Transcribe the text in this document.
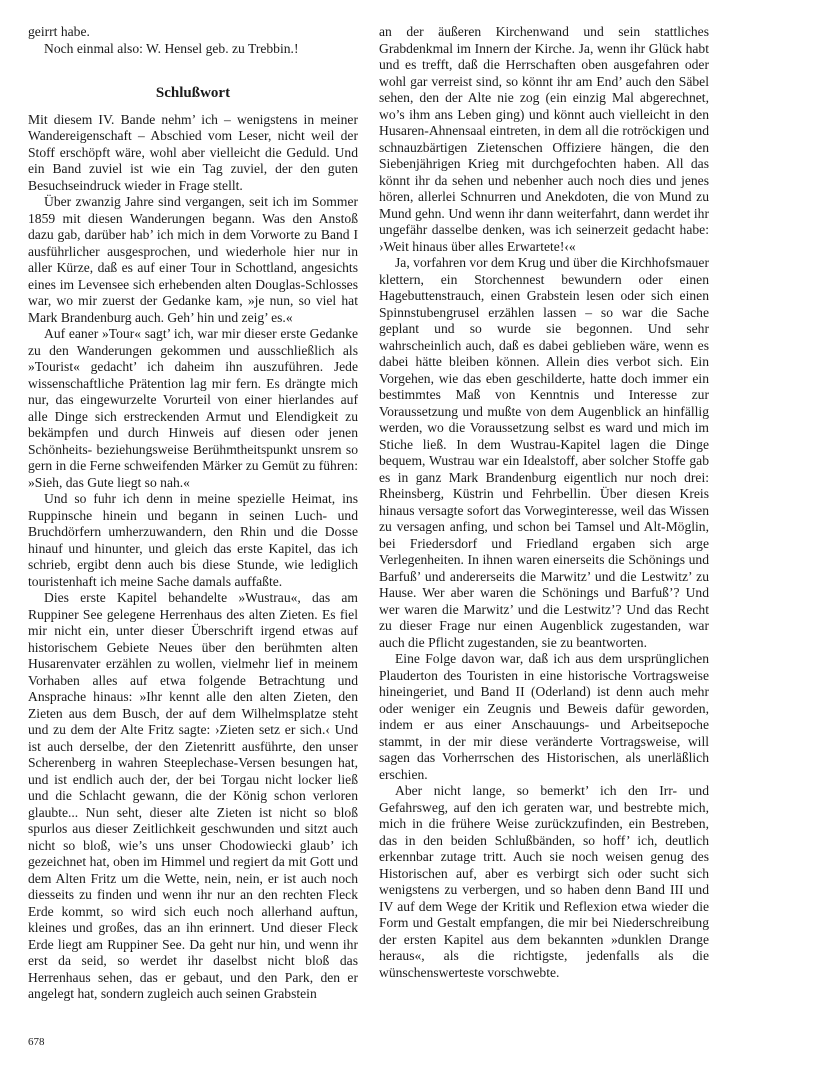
geirrt habe.

Noch einmal also: W. Hensel geb. zu Trebbin.!

Schlußwort

Mit diesem IV. Bande nehm’ ich – wenigstens in meiner Wandereigenschaft – Abschied vom Leser, nicht weil der Stoff erschöpft wäre, wohl aber vielleicht die Geduld. Und ein Band zuviel ist wie ein Tag zuviel, der den guten Besuchseindruck wieder in Frage stellt.

Über zwanzig Jahre sind vergangen, seit ich im Sommer 1859 mit diesen Wanderungen begann. Was den Anstoß dazu gab, darüber hab’ ich mich in dem Vorworte zu Band I ausführlicher ausgesprochen, und wiederhole hier nur in aller Kürze, daß es auf einer Tour in Schottland, angesichts eines im Levensee sich erhebenden alten Douglas-Schlosses war, wo mir zuerst der Gedanke kam, »je nun, so viel hat Mark Brandenburg auch. Geh’ hin und zeig’ es.«

Auf eaner »Tour« sagt’ ich, war mir dieser erste Gedanke zu den Wanderungen gekommen und ausschließlich als »Tourist« gedacht’ ich daheim ihn auszuführen. Jede wissenschaftliche Prätention lag mir fern. Es drängte mich nur, das eingewurzelte Vorurteil von einer hierlandes auf alle Dinge sich erstreckenden Armut und Elendigkeit zu bekämpfen und durch Hinweis auf diesen oder jenen Schönheits- beziehungsweise Berühmtheitspunkt unsrem so gern in die Ferne schweifenden Märker zu Gemüt zu führen: »Sieh, das Gute liegt so nah.«

Und so fuhr ich denn in meine spezielle Heimat, ins Ruppinsche hinein und begann in seinen Luch- und Bruchdörfern umherzuwandern, den Rhin und die Dosse hinauf und hinunter, und gleich das erste Kapitel, das ich schrieb, ergibt denn auch bis diese Stunde, wie lediglich touristenhaft ich meine Sache damals auffaßte.

Dies erste Kapitel behandelte »Wustrau«, das am Ruppiner See gelegene Herrenhaus des alten Zieten. Es fiel mir nicht ein, unter dieser Überschrift irgend etwas auf historischem Gebiete Neues über den berühmten alten Husarenvater erzählen zu wollen, vielmehr lief in meinem Vorhaben alles auf etwa folgende Betrachtung und Ansprache hinaus: »Ihr kennt alle den alten Zieten, den Zieten aus dem Busch, der auf dem Wilhelmsplatze steht und zu dem der Alte Fritz sagte: ›Zieten setz er sich.‹ Und ist auch derselbe, der den Zietenritt ausführte, den unser Scherenberg in wahren Steeplechase-Versen besungen hat, und ist endlich auch der, der bei Torgau nicht locker ließ und die Schlacht gewann, die der König schon verloren glaubte... Nun seht, dieser alte Zieten ist nicht so bloß spurlos aus dieser Zeitlichkeit geschwunden und sitzt auch nicht so bloß, wie’s uns unser Chodowiecki glaub’ ich gezeichnet hat, oben im Himmel und regiert da mit Gott und dem Alten Fritz um die Wette, nein, nein, er ist auch noch diesseits zu finden und wenn ihr nur an den rechten Fleck Erde kommt, so wird sich euch noch allerhand auftun, kleines und großes, das an ihn erinnert. Und dieser Fleck Erde liegt am Ruppiner See. Da geht nur hin, und wenn ihr erst da seid, so werdet ihr daselbst nicht bloß das Herrenhaus sehen, das er gebaut, und den Park, den er angelegt hat, sondern zugleich auch seinen Grabstein

an der äußeren Kirchenwand und sein stattliches Grabdenkmal im Innern der Kirche. Ja, wenn ihr Glück habt und es trefft, daß die Herrschaften oben ausgefahren oder wohl gar verreist sind, so könnt ihr am End’ auch den Säbel sehen, den der Alte nie zog (ein einzig Mal abgerechnet, wo’s ihm ans Leben ging) und könnt auch vielleicht in den Husaren-Ahnensaal eintreten, in dem all die rotröckigen und schnauzbärtigen Zietenschen Offiziere hängen, die den Siebenjährigen Krieg mit durchgefochten haben. All das könnt ihr da sehen und nebenher auch noch dies und jenes hören, allerlei Schnurren und Anekdoten, die von Mund zu Mund gehn. Und wenn ihr dann weiterfahrt, dann werdet ihr ungefähr dasselbe denken, was ich seinerzeit gedacht habe: ›Weit hinaus über alles Erwartete!‹«

Ja, vorfahren vor dem Krug und über die Kirchhofsmauer klettern, ein Storchennest bewundern oder einen Hagebuttenstrauch, einen Grabstein lesen oder sich einen Spinnstubengrusel erzählen lassen – so war die Sache geplant und so wurde sie begonnen. Und sehr wahrscheinlich auch, daß es dabei geblieben wäre, wenn es dabei hätte bleiben können. Allein dies verbot sich. Ein Vorgehen, wie das eben geschilderte, hatte doch immer ein bestimmtes Maß von Kenntnis und Interesse zur Voraussetzung und mußte von dem Augenblick an hinfällig werden, wo die Voraussetzung selbst es ward und mich im Stiche ließ. In dem Wustrau-Kapitel lagen die Dinge bequem, Wustrau war ein Idealstoff, aber solcher Stoffe gab es in ganz Mark Brandenburg eigentlich nur noch drei: Rheinsberg, Küstrin und Fehrbellin. Über diesen Kreis hinaus versagte sofort das Vorweginteresse, weil das Wissen zu versagen anfing, und schon bei Tamsel und Alt-Möglin, bei Friedersdorf und Friedland ergaben sich arge Verlegenheiten. In ihnen waren einerseits die Schönings und Barfuß’ und andererseits die Marwitz’ und die Lestwitz’ zu Hause. Wer aber waren die Schönings und Barfuß’? Und wer waren die Marwitz’ und die Lestwitz’? Und das Recht zu dieser Frage nur einen Augenblick zugestanden, war auch die Pflicht zugestanden, sie zu beantworten.

Eine Folge davon war, daß ich aus dem ursprünglichen Plauderton des Touristen in eine historische Vortragsweise hineingeriet, und Band II (Oderland) ist denn auch mehr oder weniger ein Zeugnis und Beweis dafür geworden, indem er aus einer Anschauungs- und Arbeitsepoche stammt, in der mir diese veränderte Vortragsweise, will sagen das Vorherrschen des Historischen, als unerläßlich erschien.

Aber nicht lange, so bemerkt’ ich den Irr- und Gefahrsweg, auf den ich geraten war, und bestrebte mich, mich in die frühere Weise zurückzufinden, ein Bestreben, das in den beiden Schlußbänden, so hoff’ ich, deutlich erkennbar zutage tritt. Auch sie noch weisen genug des Historischen auf, aber es verbirgt sich oder sucht sich wenigstens zu verbergen, und so haben denn Band III und IV auf dem Wege der Kritik und Reflexion etwa wieder die Form und Gestalt empfangen, die mir bei Niederschreibung der ersten Kapitel aus dem bekannten »dunklen Drange heraus«, als die richtigste, jedenfalls als die wünschenswerteste vorschwebte.

678
